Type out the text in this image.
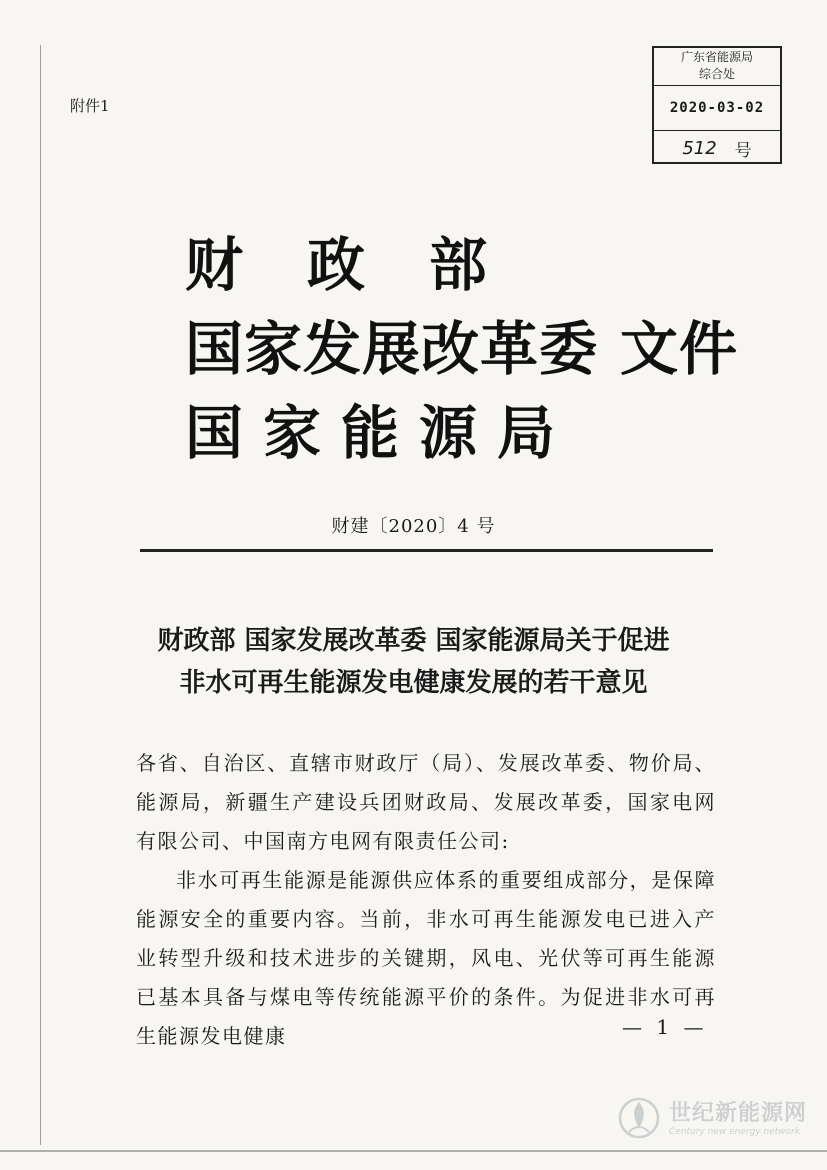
附件1
广东省能源局
综合处
2020-03-02
512 号
财政部
国家发展改革委 文件
国家能源局
财建〔2020〕4 号
财政部 国家发展改革委 国家能源局关于促进
非水可再生能源发电健康发展的若干意见

各省、自治区、直辖市财政厅（局）、发展改革委、物价局、能源局，新疆生产建设兵团财政局、发展改革委，国家电网有限公司、中国南方电网有限责任公司:

非水可再生能源是能源供应体系的重要组成部分，是保障能源安全的重要内容。当前，非水可再生能源发电已进入产业转型升级和技术进步的关键期，风电、光伏等可再生能源已基本具备与煤电等传统能源平价的条件。为促进非水可再生能源发电健康	— 1 —
世纪新能源网
Century new energy network
